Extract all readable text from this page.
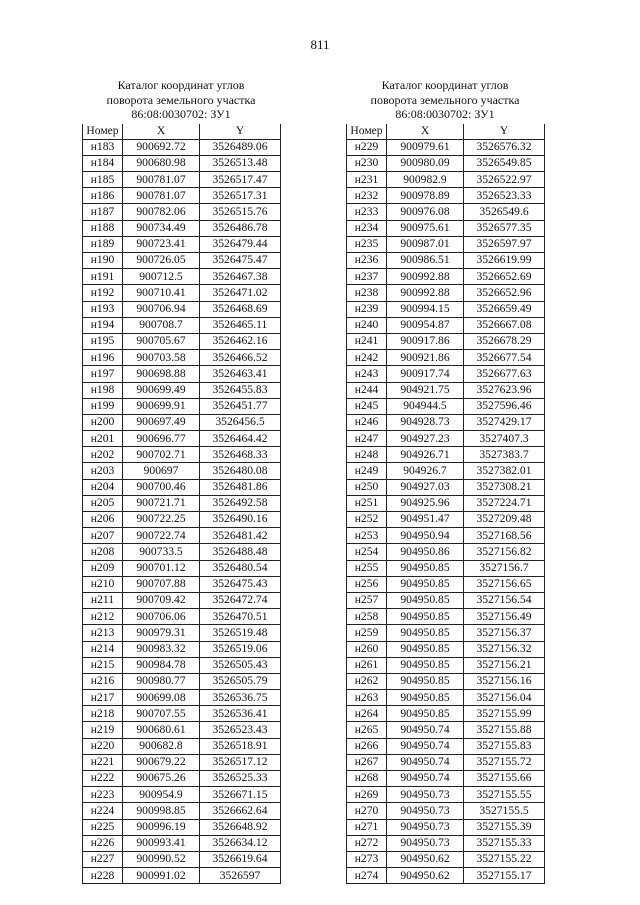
811
Каталог координат углов
поворота земельного участка
86:08:0030702: ЗУ1
Номер	X	Y
н183	900692.72	3526489.06
н184	900680.98	3526513.48
н185	900781.07	3526517.47
н186	900781.07	3526517.31
н187	900782.06	3526515.76
н188	900734.49	3526486.78
н189	900723.41	3526479.44
н190	900726.05	3526475.47
н191	900712.5	3526467.38
н192	900710.41	3526471.02
н193	900706.94	3526468.69
н194	900708.7	3526465.11
н195	900705.67	3526462.16
н196	900703.58	3526466.52
н197	900698.88	3526463.41
н198	900699.49	3526455.83
н199	900699.91	3526451.77
н200	900697.49	3526456.5
н201	900696.77	3526464.42
н202	900702.71	3526468.33
н203	900697	3526480.08
н204	900700.46	3526481.86
н205	900721.71	3526492.58
н206	900722.25	3526490.16
н207	900722.74	3526481.42
н208	900733.5	3526488.48
н209	900701.12	3526480.54
н210	900707.88	3526475.43
н211	900709.42	3526472.74
н212	900706.06	3526470.51
н213	900979.31	3526519.48
н214	900983.32	3526519.06
н215	900984.78	3526505.43
н216	900980.77	3526505.79
н217	900699.08	3526536.75
н218	900707.55	3526536.41
н219	900680.61	3526523.43
н220	900682.8	3526518.91
н221	900679.22	3526517.12
н222	900675.26	3526525.33
н223	900954.9	3526671.15
н224	900998.85	3526662.64
н225	900996.19	3526648.92
н226	900993.41	3526634.12
н227	900990.52	3526619.64
н228	900991.02	3526597
Каталог координат углов
поворота земельного участка
86:08:0030702: ЗУ1
Номер	X	Y
н229	900979.61	3526576.32
н230	900980.09	3526549.85
н231	900982.9	3526522.97
н232	900978.89	3526523.33
н233	900976.08	3526549.6
н234	900975.61	3526577.35
н235	900987.01	3526597.97
н236	900986.51	3526619.99
н237	900992.88	3526652.69
н238	900992.88	3526652.96
н239	900994.15	3526659.49
н240	900954.87	3526667.08
н241	900917.86	3526678.29
н242	900921.86	3526677.54
н243	900917.74	3526677.63
н244	904921.75	3527623.96
н245	904944.5	3527596.46
н246	904928.73	3527429.17
н247	904927.23	3527407.3
н248	904926.71	3527383.7
н249	904926.7	3527382.01
н250	904927.03	3527308.21
н251	904925.96	3527224.71
н252	904951.47	3527209.48
н253	904950.94	3527168.56
н254	904950.86	3527156.82
н255	904950.85	3527156.7
н256	904950.85	3527156.65
н257	904950.85	3527156.54
н258	904950.85	3527156.49
н259	904950.85	3527156.37
н260	904950.85	3527156.32
н261	904950.85	3527156.21
н262	904950.85	3527156.16
н263	904950.85	3527156.04
н264	904950.85	3527155.99
н265	904950.74	3527155.88
н266	904950.74	3527155.83
н267	904950.74	3527155.72
н268	904950.74	3527155.66
н269	904950.73	3527155.55
н270	904950.73	3527155.5
н271	904950.73	3527155.39
н272	904950.73	3527155.33
н273	904950.62	3527155.22
н274	904950.62	3527155.17
